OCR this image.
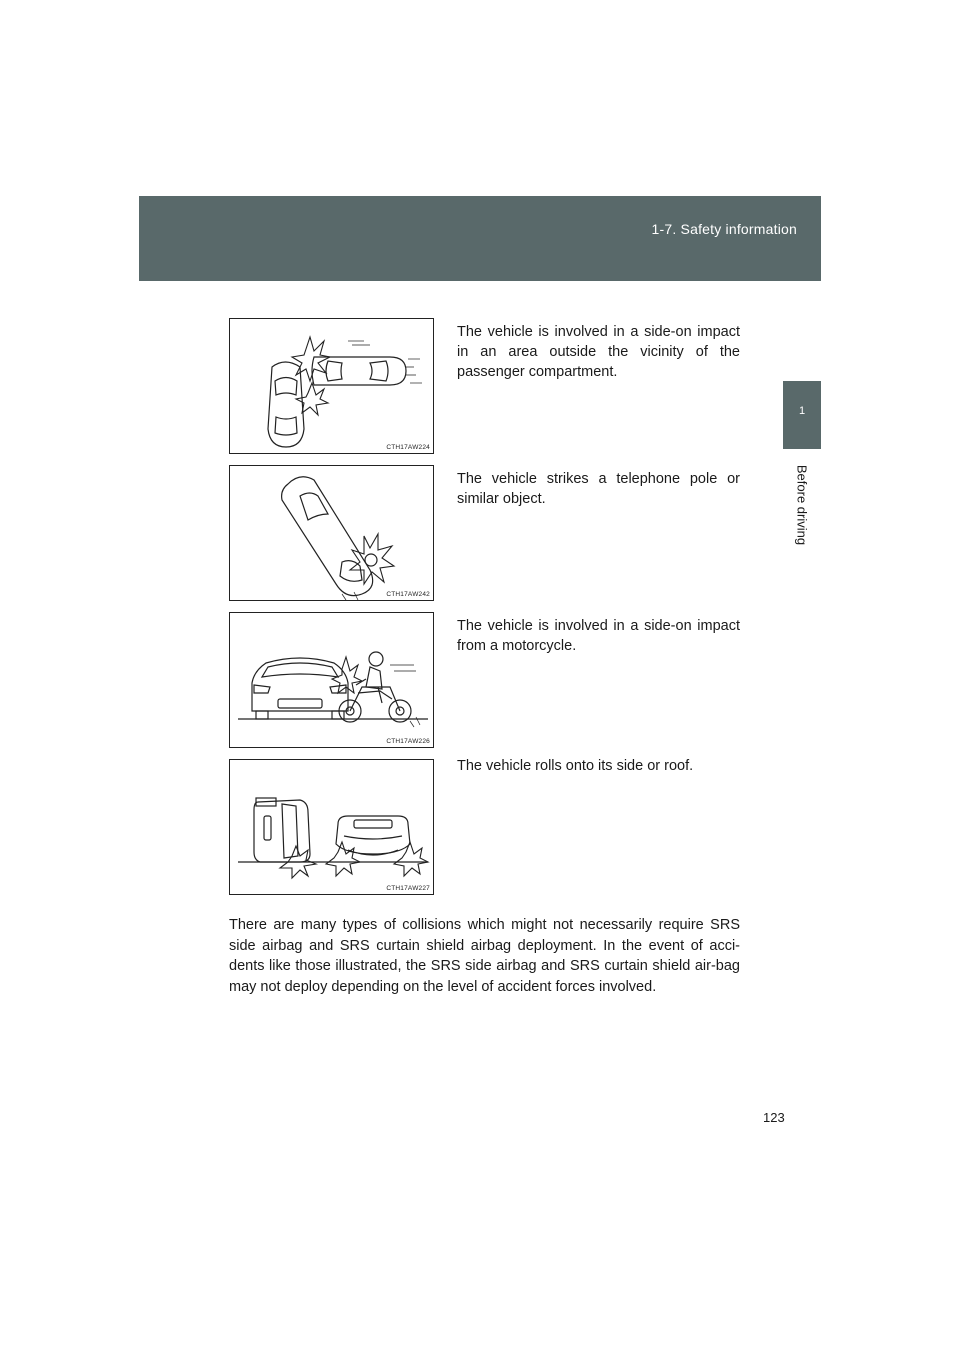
1-7. Safety information
1
Before driving
CTH17AW224
The vehicle is involved in a side-on impact in an area outside the vicinity of the passenger compartment.
CTH17AW242
The vehicle strikes a telephone pole or similar object.
CTH17AW226
The vehicle is involved in a side-on impact from a motorcycle.
CTH17AW227
The vehicle rolls onto its side or roof.
There are many types of collisions which might not necessarily require SRS side airbag and SRS curtain shield airbag deployment. In the event of acci-dents like those illustrated, the SRS side airbag and SRS curtain shield air-bag may not deploy depending on the level of accident forces involved.
123
